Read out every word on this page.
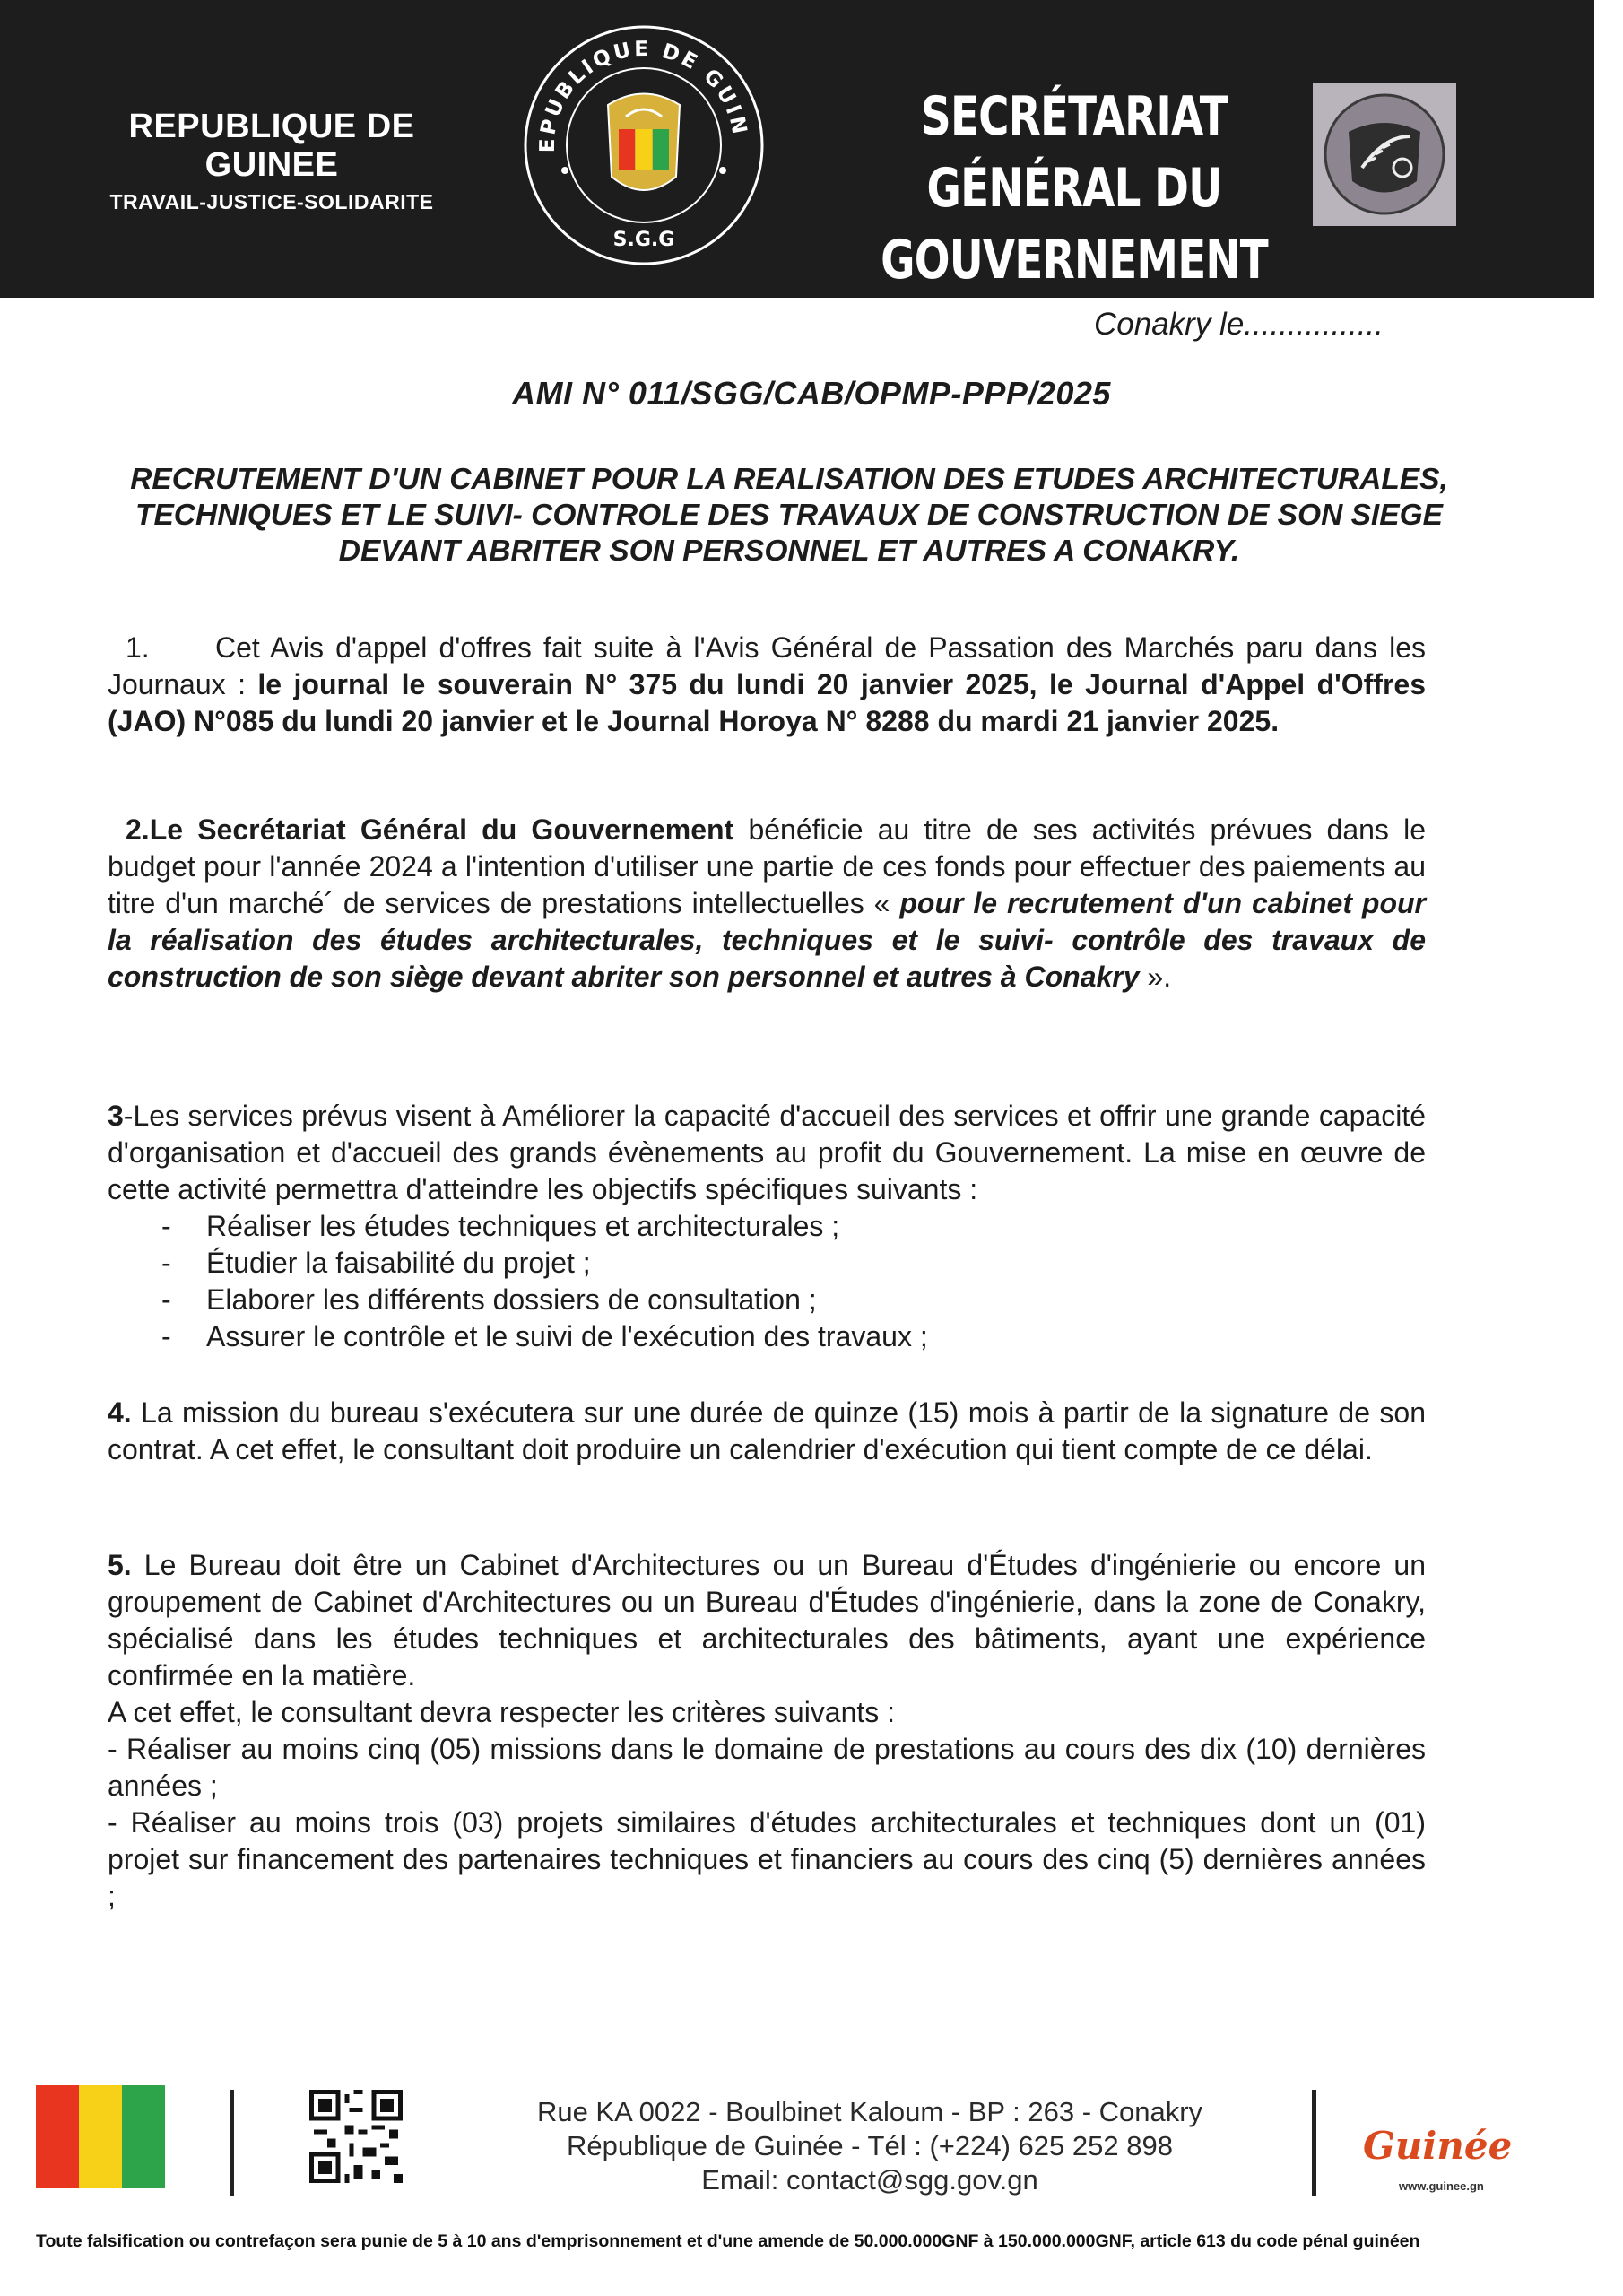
REPUBLIQUE DE GUINEE
TRAVAIL-JUSTICE-SOLIDARITE
EPUBLIQUE DE GUIN
S.G.G
SECRÉTARIAT GÉNÉRAL DU
GOUVERNEMENT
Conakry le................
AMI N° 011/SGG/CAB/OPMP-PPP/2025
RECRUTEMENT D'UN CABINET POUR LA REALISATION DES ETUDES ARCHITECTURALES,
TECHNIQUES ET LE SUIVI- CONTROLE DES TRAVAUX DE CONSTRUCTION DE SON SIEGE
DEVANT ABRITER SON PERSONNEL ET AUTRES A CONAKRY.

1. Cet Avis d'appel d'offres fait suite à l'Avis Général de Passation des Marchés paru dans les Journaux : le journal le souverain N° 375 du lundi 20 janvier 2025, le Journal d'Appel d'Offres (JAO) N°085 du lundi 20 janvier et le Journal Horoya N° 8288 du mardi 21 janvier 2025.

2.Le Secrétariat Général du Gouvernement bénéficie au titre de ses activités prévues dans le budget pour l'année 2024 a l'intention d'utiliser une partie de ces fonds pour effectuer des paiements au titre d'un marché´ de services de prestations intellectuelles « pour le recrutement d'un cabinet pour la réalisation des études architecturales, techniques et le suivi- contrôle des travaux de construction de son siège devant abriter son personnel et autres à Conakry ».

3-Les services prévus visent à Améliorer la capacité d'accueil des services et offrir une grande capacité d'organisation et d'accueil des grands évènements au profit du Gouvernement. La mise en œuvre de cette activité permettra d'atteindre les objectifs spécifiques suivants :

-	Réaliser les études techniques et architecturales ;
-	Étudier la faisabilité du projet ;
-	Elaborer les différents dossiers de consultation ;
-	Assurer le contrôle et le suivi de l'exécution des travaux ;

4. La mission du bureau s'exécutera sur une durée de quinze (15) mois à partir de la signature de son contrat. A cet effet, le consultant doit produire un calendrier d'exécution qui tient compte de ce délai.

5. Le Bureau doit être un Cabinet d'Architectures ou un Bureau d'Études d'ingénierie ou encore un groupement de Cabinet d'Architectures ou un Bureau d'Études d'ingénierie, dans la zone de Conakry, spécialisé dans les études techniques et architecturales des bâtiments, ayant une expérience confirmée en la matière.

A cet effet, le consultant devra respecter les critères suivants :

- Réaliser au moins cinq (05) missions dans le domaine de prestations au cours des dix (10) dernières années ;

- Réaliser au moins trois (03) projets similaires d'études architecturales et techniques dont un (01) projet sur financement des partenaires techniques et financiers au cours des cinq (5) dernières années ;

Rue KA 0022 - Boulbinet Kaloum - BP : 263 - Conakry
République de Guinée - Tél : (+224) 625 252 898
Email: contact@sgg.gov.gn
Guinée
www.guinee.gn
Toute falsification ou contrefaçon sera punie de 5 à 10 ans d'emprisonnement et d'une amende de 50.000.000GNF à 150.000.000GNF, article 613 du code pénal guinéen
